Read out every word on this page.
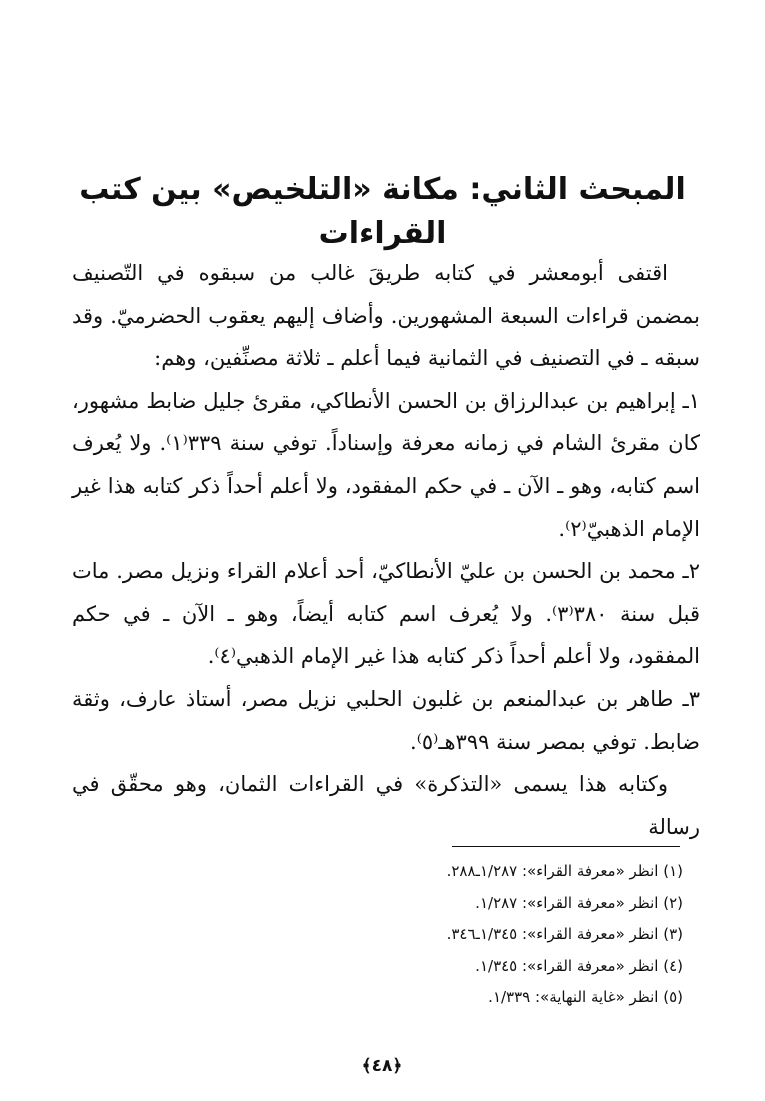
المبحث الثاني: مكانة «التلخيص» بين كتب القراءات

اقتفى أبومعشر في كتابه طريقَ غالب من سبقوه في التّصنيف بمضمن قراءات السبعة المشهورين. وأضاف إليهم يعقوب الحضرميّ. وقد سبقه ـ في التصنيف في الثمانية فيما أعلم ـ ثلاثة مصنِّفين، وهم:

١ـ إبراهيم بن عبدالرزاق بن الحسن الأنطاكي، مقرئ جليل ضابط مشهور، كان مقرئ الشام في زمانه معرفة وإسناداً. توفي سنة ٣٣٩⁽١⁾. ولا يُعرف اسم كتابه، وهو ـ الآن ـ في حكم المفقود، ولا أعلم أحداً ذكر كتابه هذا غير الإمام الذهبيّ⁽٢⁾.

٢ـ محمد بن الحسن بن عليّ الأنطاكيّ، أحد أعلام القراء ونزيل مصر. مات قبل سنة ٣٨٠⁽٣⁾. ولا يُعرف اسم كتابه أيضاً، وهو ـ الآن ـ في حكم المفقود، ولا أعلم أحداً ذكر كتابه هذا غير الإمام الذهبي⁽٤⁾.

٣ـ طاهر بن عبدالمنعم بن غلبون الحلبي نزيل مصر، أستاذ عارف، وثقة ضابط. توفي بمصر سنة ٣٩٩هـ⁽٥⁾.

وكتابه هذا يسمى «التذكرة» في القراءات الثمان، وهو محقّق في رسالة

(١) انظر «معرفة القراء»: ١/٢٨٧ـ٢٨٨.
(٢) انظر «معرفة القراء»: ١/٢٨٧.
(٣) انظر «معرفة القراء»: ١/٣٤٥ـ٣٤٦.
(٤) انظر «معرفة القراء»: ١/٣٤٥.
(٥) انظر «غاية النهاية»: ١/٣٣٩.
﴿٤٨﴾
